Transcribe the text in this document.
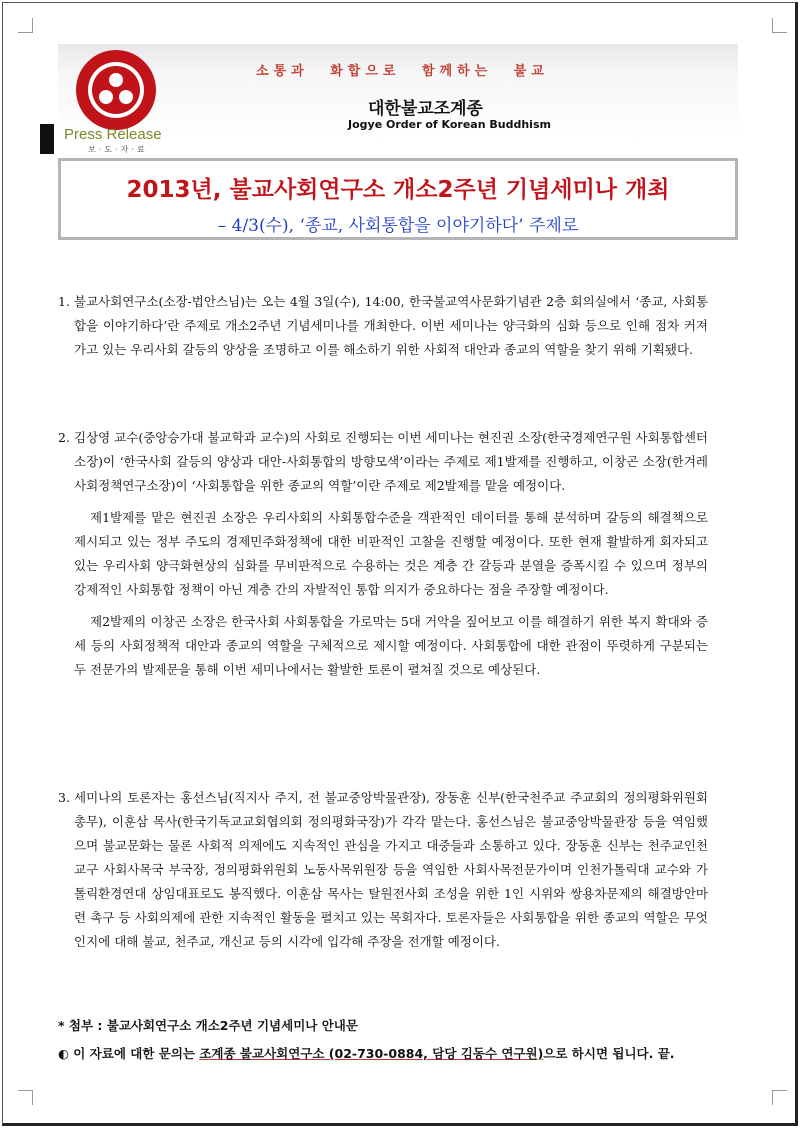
Press Release
보·도·자·료
소통과 화합으로 함께하는 불교
대한불교조계종
Jogye Order of Korean Buddhism
2013년, 불교사회연구소 개소2주년 기념세미나 개최
– 4/3(수), ‘종교, 사회통합을 이야기하다’ 주제로
1. 불교사회연구소(소장-법안스님)는 오는 4월 3일(수), 14:00, 한국불교역사문화기념관 2층 회의실에서 ‘종교, 사회통합을 이야기하다’란 주제로 개소2주년 기념세미나를 개최한다. 이번 세미나는 양극화의 심화 등으로 인해 점차 커져가고 있는 우리사회 갈등의 양상을 조명하고 이를 해소하기 위한 사회적 대안과 종교의 역할을 찾기 위해 기획됐다.
2. 김상영 교수(중앙승가대 불교학과 교수)의 사회로 진행되는 이번 세미나는 현진권 소장(한국경제연구원 사회통합센터 소장)이 ‘한국사회 갈등의 양상과 대안-사회통합의 방향모색’이라는 주제로 제1발제를 진행하고, 이창곤 소장(한겨레사회정책연구소장)이 ‘사회통합을 위한 종교의 역할’이란 주제로 제2발제를 맡을 예정이다.
제1발제를 맡은 현진권 소장은 우리사회의 사회통합수준을 객관적인 데이터를 통해 분석하며 갈등의 해결책으로 제시되고 있는 정부 주도의 경제민주화정책에 대한 비판적인 고찰을 진행할 예정이다. 또한 현재 활발하게 회자되고 있는 우리사회 양극화현상의 심화를 무비판적으로 수용하는 것은 계층 간 갈등과 분열을 증폭시킬 수 있으며 정부의 강제적인 사회통합 정책이 아닌 계층 간의 자발적인 통합 의지가 중요하다는 점을 주장할 예정이다.
제2발제의 이창곤 소장은 한국사회 사회통합을 가로막는 5대 거악을 짚어보고 이를 해결하기 위한 복지 확대와 증세 등의 사회정책적 대안과 종교의 역할을 구체적으로 제시할 예정이다. 사회통합에 대한 관점이 뚜렷하게 구분되는 두 전문가의 발제문을 통해 이번 세미나에서는 활발한 토론이 펼쳐질 것으로 예상된다.
3. 세미나의 토론자는 홍선스님(직지사 주지, 전 불교중앙박물관장), 장동훈 신부(한국천주교 주교회의 정의평화위원회 총무), 이훈삼 목사(한국기독교교회협의회 정의평화국장)가 각각 맡는다. 홍선스님은 불교중앙박물관장 등을 역임했으며 불교문화는 물론 사회적 의제에도 지속적인 관심을 가지고 대중들과 소통하고 있다. 장동훈 신부는 천주교인천교구 사회사목국 부국장, 정의평화위원회 노동사목위원장 등을 역임한 사회사목전문가이며 인천가톨릭대 교수와 가톨릭환경연대 상임대표로도 봉직했다. 이훈삼 목사는 탈원전사회 조성을 위한 1인 시위와 쌍용차문제의 해결방안마련 촉구 등 사회의제에 관한 지속적인 활동을 펼치고 있는 목회자다. 토론자들은 사회통합을 위한 종교의 역할은 무엇인지에 대해 불교, 천주교, 개신교 등의 시각에 입각해 주장을 전개할 예정이다.
* 첨부 : 불교사회연구소 개소2주년 기념세미나 안내문
◐ 이 자료에 대한 문의는 조계종 불교사회연구소 (02-730-0884, 담당 김동수 연구원)으로 하시면 됩니다. 끝.
